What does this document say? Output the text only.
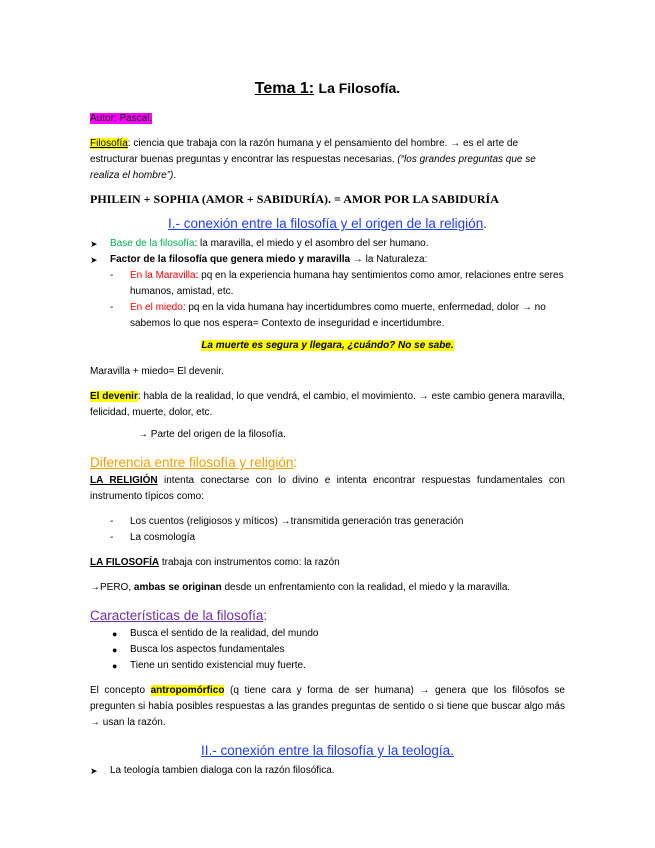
Tema 1: La Filosofía.

Autor: Pascal.

Filosofía: ciencia que trabaja con la razón humana y el pensamiento del hombre. → es el arte de estructurar buenas preguntas y encontrar las respuestas necesarias. (“los grandes preguntas que se realiza el hombre”).

PHILEIN + SOPHIA (AMOR + SABIDURÍA). = AMOR POR LA SABIDURÍA

I.- conexión entre la filosofía y el origen de la religión.

➤ Base de la filosofía: la maravilla, el miedo y el asombro del ser humano.
➤ Factor de la filosofía que genera miedo y maravilla → la Naturaleza:
- En la Maravilla: pq en la experiencia humana hay sentimientos como amor, relaciones entre seres humanos, amistad, etc.
- En el miedo: pq en la vida humana hay incertidumbres como muerte, enfermedad, dolor → no sabemos lo que nos espera= Contexto de inseguridad e incertidumbre.

La muerte es segura y llegara, ¿cuándo? No se sabe.

Maravilla + miedo= El devenir.

El devenir: habla de la realidad, lo que vendrá, el cambio, el movimiento. → este cambio genera maravilla, felicidad, muerte, dolor, etc.

→ Parte del origen de la filosofía.

Diferencia entre filosofía y religión:

LA RELIGIÓN intenta conectarse con lo divino e intenta encontrar respuestas fundamentales con instrumento típicos como:

- Los cuentos (religiosos y míticos) →transmitida generación tras generación
- La cosmología

LA FILOSOFÍA trabaja con instrumentos como: la razón

→PERO, ambas se originan desde un enfrentamiento con la realidad, el miedo y la maravilla.

Características de la filosofía:

● Busca el sentido de la realidad, del mundo
● Busca los aspectos fundamentales
● Tiene un sentido existencial muy fuerte.

El concepto antropomórfico (q tiene cara y forma de ser humana) → genera que los filósofos se pregunten si había posibles respuestas a las grandes preguntas de sentido o si tiene que buscar algo más → usan la razón.

II.- conexión entre la filosofía y la teología.

➤ La teología tambien dialoga con la razón filosófica.
